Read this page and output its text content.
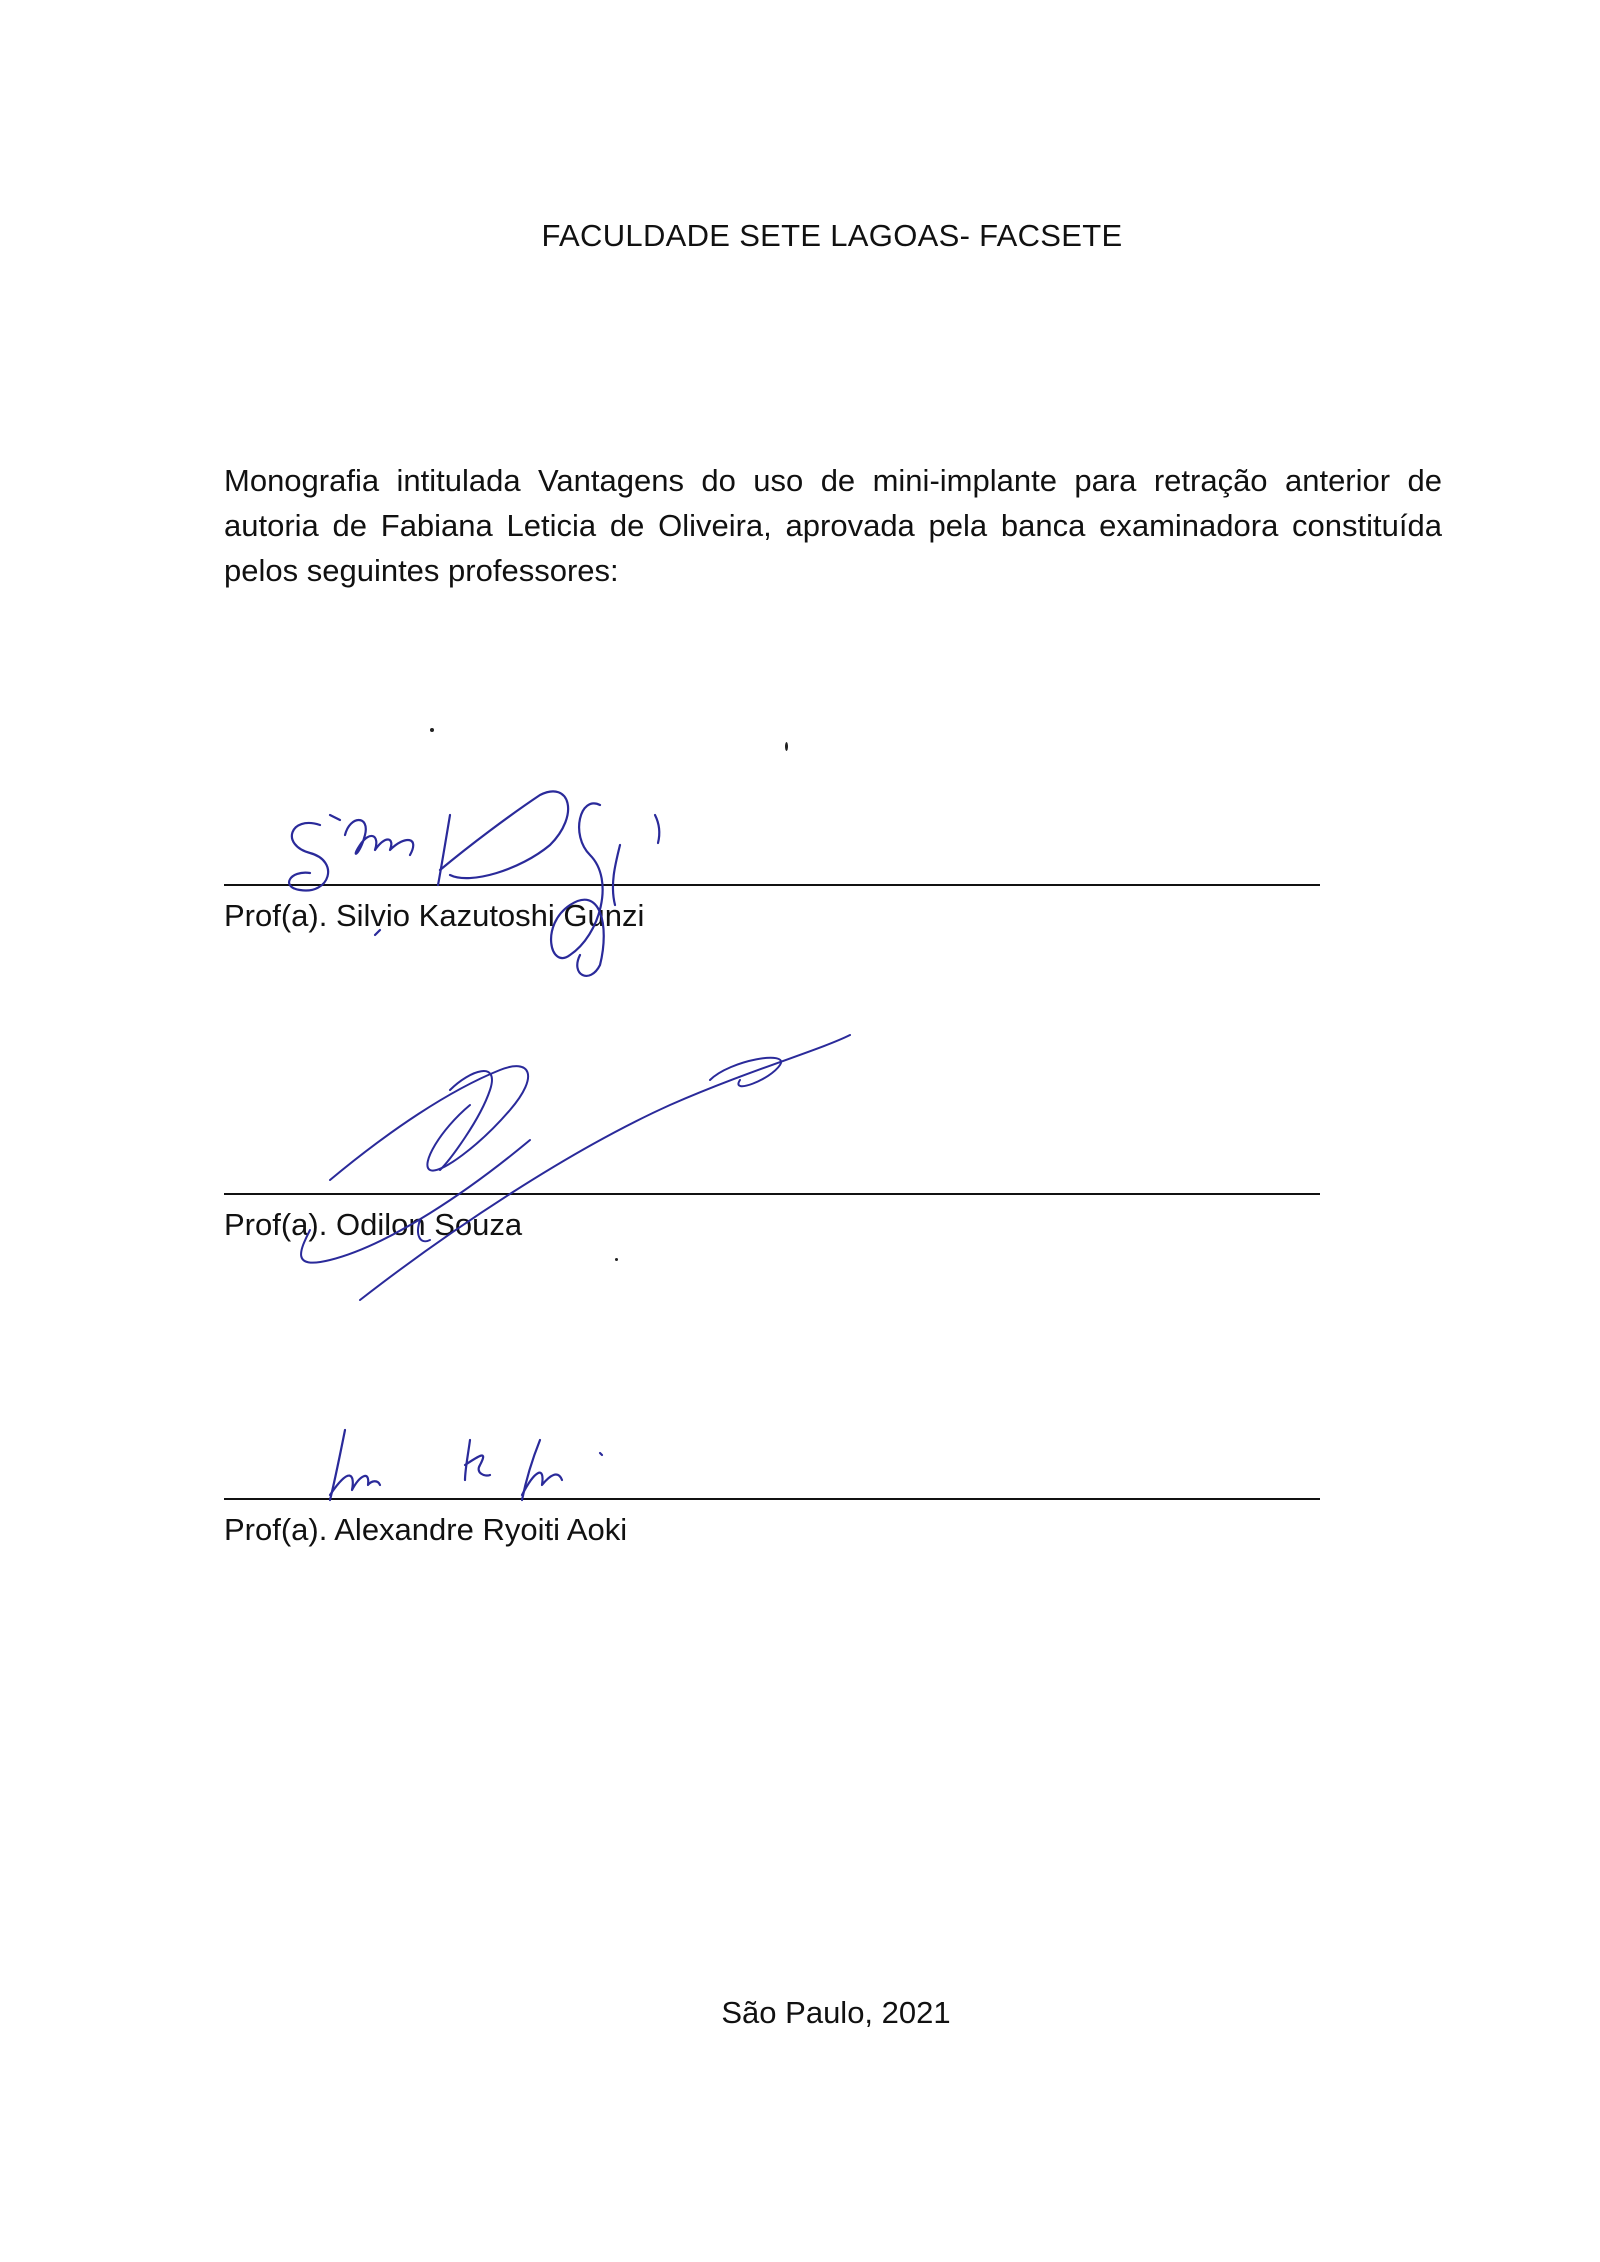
FACULDADE SETE LAGOAS- FACSETE
Monografia intitulada Vantagens do uso de mini-implante para retração anterior de autoria de Fabiana Leticia de Oliveira, aprovada pela banca examinadora constituída pelos seguintes professores:
Prof(a). Silvio Kazutoshi Gunzi
Prof(a). Odilon Souza
Prof(a). Alexandre Ryoiti Aoki
São Paulo, 2021
